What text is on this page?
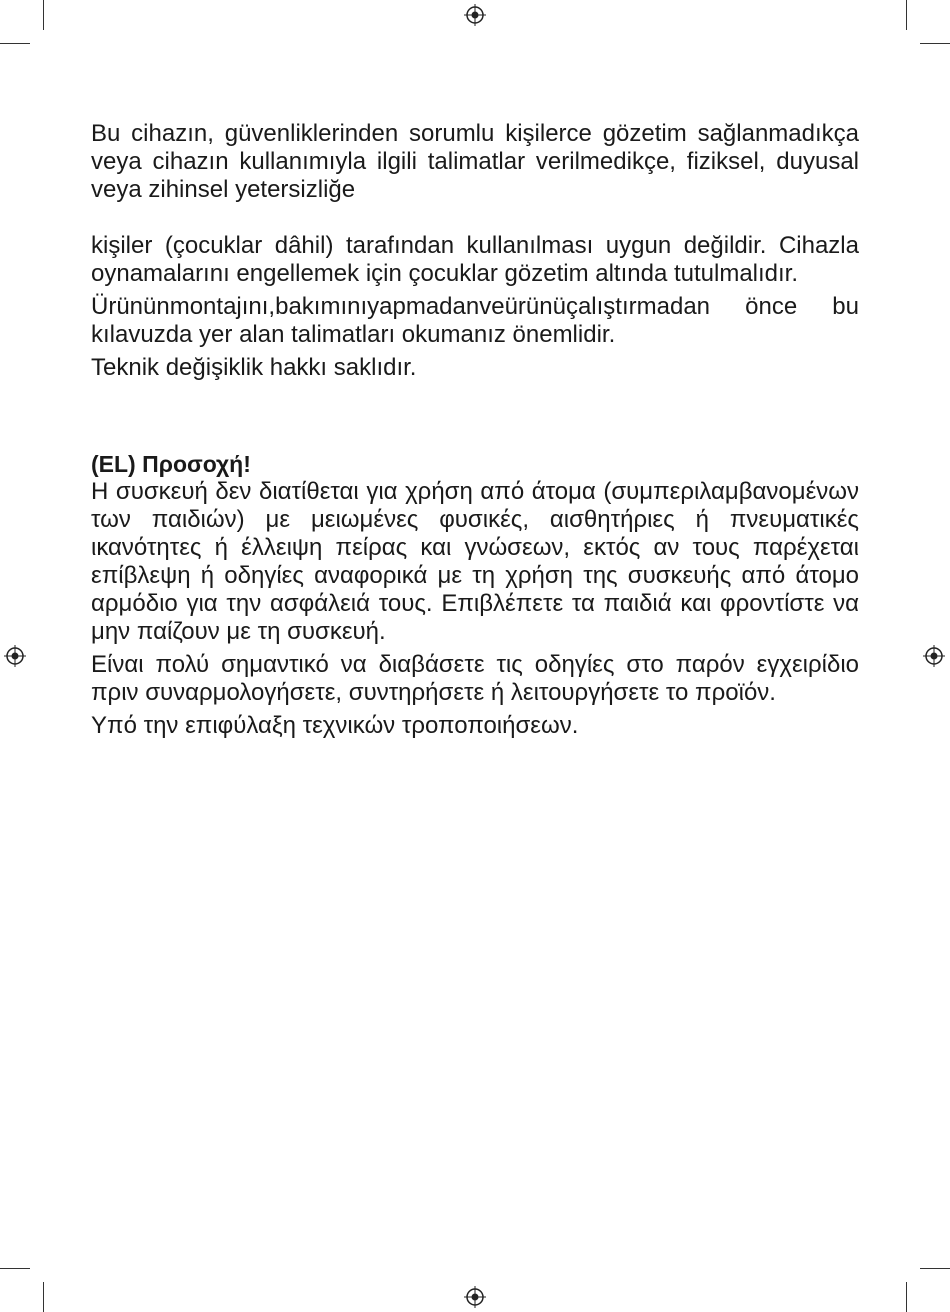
Bu cihazın, güvenliklerinden sorumlu kişilerce gözetim sağlanmadıkça veya cihazın kullanımıyla ilgili talimatlar verilmedikçe, fiziksel, duyusal veya zihinsel yetersizliğe

kişiler (çocuklar dâhil) tarafından kullanılması uygun değildir. Cihazla oynamalarını engellemek için çocuklar gözetim altında tutulmalıdır.

Ürününmontajını,bakımınıyapmadanveürünüçalıştırmadan önce bu kılavuzda yer alan talimatları okumanız önemlidir.

Teknik değişiklik hakkı saklıdır.

(EL) Προσοχή!

Η συσκευή δεν διατίθεται για χρήση από άτομα (συμπεριλαμβανομένων των παιδιών) με μειωμένες φυσικές, αισθητήριες ή πνευματικές ικανότητες ή έλλειψη πείρας και γνώσεων, εκτός αν τους παρέχεται επίβλεψη ή οδηγίες αναφορικά με τη χρήση της συσκευής από άτομο αρμόδιο για την ασφάλειά τους. Επιβλέπετε τα παιδιά και φροντίστε να μην παίζουν με τη συσκευή.

Είναι πολύ σημαντικό να διαβάσετε τις οδηγίες στο παρόν εγχειρίδιο πριν συναρμολογήσετε, συντηρήσετε ή λειτουργήσετε το προϊόν.

Υπό την επιφύλαξη τεχνικών τροποποιήσεων.
